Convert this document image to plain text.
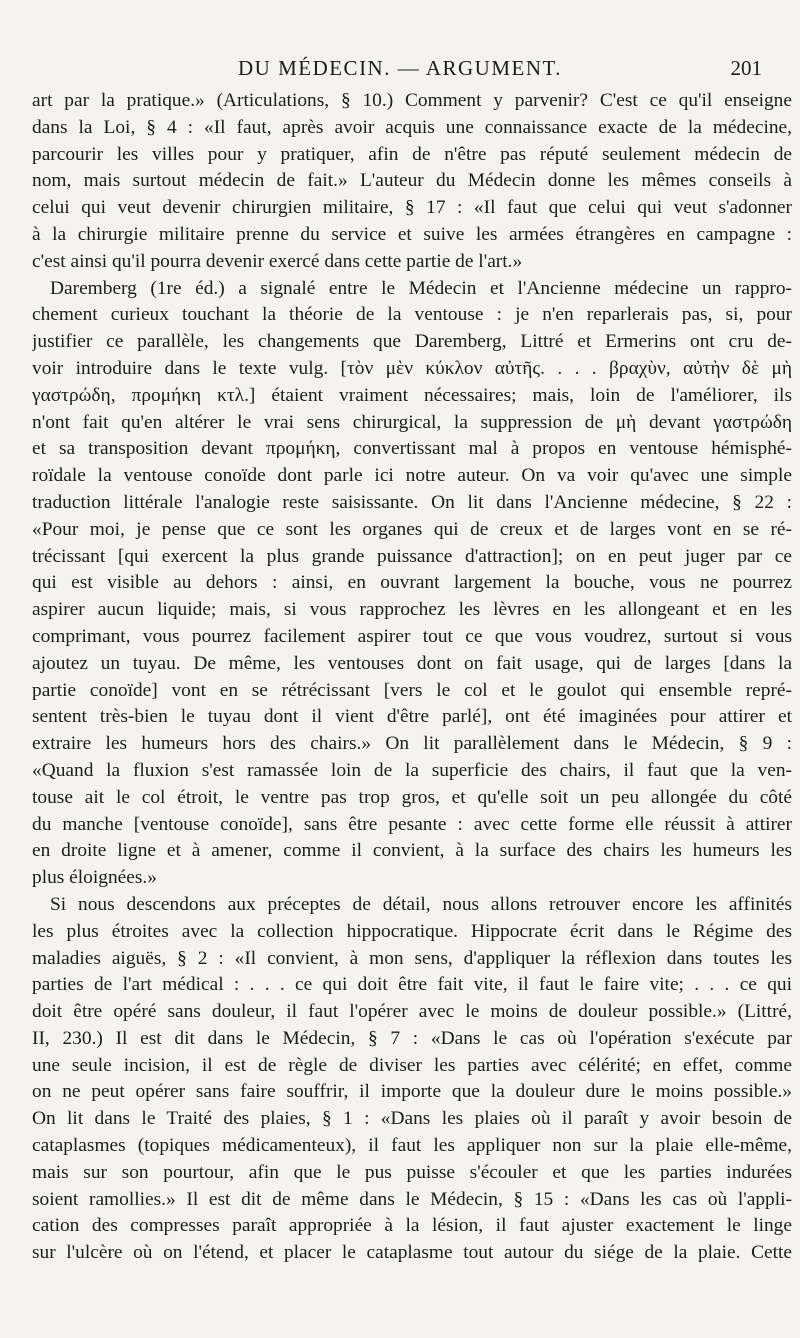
DU MÉDECIN. — ARGUMENT.	201
art par la pratique.» (Articulations, § 10.) Comment y parvenir? C'est ce qu'il enseigne
dans la Loi, § 4 : «Il faut, après avoir acquis une connaissance exacte de la médecine,
parcourir les villes pour y pratiquer, afin de n'être pas réputé seulement médecin de
nom, mais surtout médecin de fait.» L'auteur du Médecin donne les mêmes conseils à
celui qui veut devenir chirurgien militaire, § 17 : «Il faut que celui qui veut s'adonner
à la chirurgie militaire prenne du service et suive les armées étrangères en campagne :
c'est ainsi qu'il pourra devenir exercé dans cette partie de l'art.»
Daremberg (1re éd.) a signalé entre le Médecin et l'Ancienne médecine un rappro-
chement curieux touchant la théorie de la ventouse : je n'en reparlerais pas, si, pour
justifier ce parallèle, les changements que Daremberg, Littré et Ermerins ont cru de-
voir introduire dans le texte vulg. [τὸν μὲν κύκλον αὐτῆς. . . . βραχὺν, αὐτὴν δὲ μὴ
γαστρώδη, προμήκη κτλ.] étaient vraiment nécessaires; mais, loin de l'améliorer, ils
n'ont fait qu'en altérer le vrai sens chirurgical, la suppression de μὴ devant γαστρώδη
et sa transposition devant προμήκη, convertissant mal à propos en ventouse hémisphé-
roïdale la ventouse conoïde dont parle ici notre auteur. On va voir qu'avec une simple
traduction littérale l'analogie reste saisissante. On lit dans l'Ancienne médecine, § 22 :
«Pour moi, je pense que ce sont les organes qui de creux et de larges vont en se ré-
trécissant [qui exercent la plus grande puissance d'attraction]; on en peut juger par ce
qui est visible au dehors : ainsi, en ouvrant largement la bouche, vous ne pourrez
aspirer aucun liquide; mais, si vous rapprochez les lèvres en les allongeant et en les
comprimant, vous pourrez facilement aspirer tout ce que vous voudrez, surtout si vous
ajoutez un tuyau. De même, les ventouses dont on fait usage, qui de larges [dans la
partie conoïde] vont en se rétrécissant [vers le col et le goulot qui ensemble repré-
sentent très-bien le tuyau dont il vient d'être parlé], ont été imaginées pour attirer et
extraire les humeurs hors des chairs.» On lit parallèlement dans le Médecin, § 9 :
«Quand la fluxion s'est ramassée loin de la superficie des chairs, il faut que la ven-
touse ait le col étroit, le ventre pas trop gros, et qu'elle soit un peu allongée du côté
du manche [ventouse conoïde], sans être pesante : avec cette forme elle réussit à attirer
en droite ligne et à amener, comme il convient, à la surface des chairs les humeurs les
plus éloignées.»
Si nous descendons aux préceptes de détail, nous allons retrouver encore les affinités
les plus étroites avec la collection hippocratique. Hippocrate écrit dans le Régime des
maladies aiguës, § 2 : «Il convient, à mon sens, d'appliquer la réflexion dans toutes les
parties de l'art médical : . . . ce qui doit être fait vite, il faut le faire vite; . . . ce qui
doit être opéré sans douleur, il faut l'opérer avec le moins de douleur possible.» (Littré,
II, 230.) Il est dit dans le Médecin, § 7 : «Dans le cas où l'opération s'exécute par
une seule incision, il est de règle de diviser les parties avec célérité; en effet, comme
on ne peut opérer sans faire souffrir, il importe que la douleur dure le moins possible.»
On lit dans le Traité des plaies, § 1 : «Dans les plaies où il paraît y avoir besoin de
cataplasmes (topiques médicamenteux), il faut les appliquer non sur la plaie elle-même,
mais sur son pourtour, afin que le pus puisse s'écouler et que les parties indurées
soient ramollies.» Il est dit de même dans le Médecin, § 15 : «Dans les cas où l'appli-
cation des compresses paraît appropriée à la lésion, il faut ajuster exactement le linge
sur l'ulcère où on l'étend, et placer le cataplasme tout autour du siége de la plaie. Cette
